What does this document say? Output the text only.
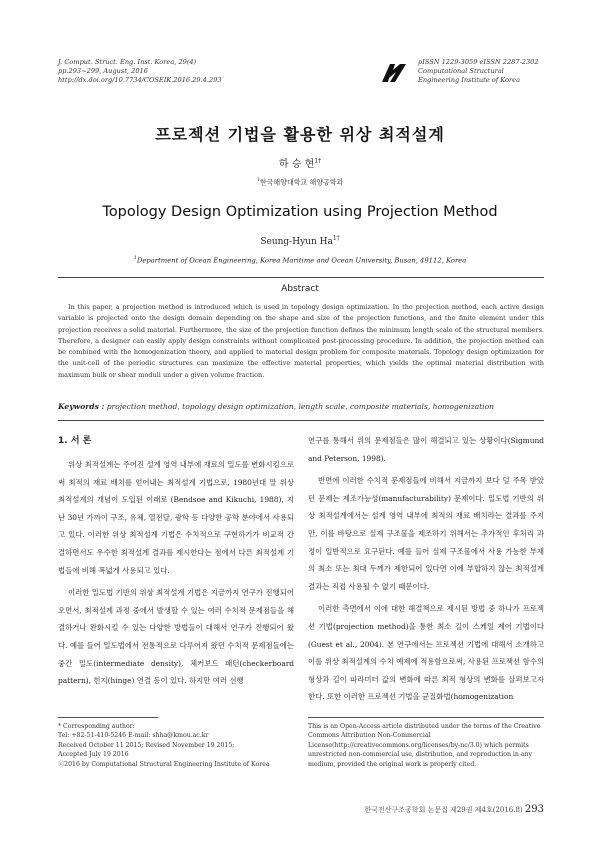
J. Comput. Struct. Eng. Inst. Korea, 29(4)
pp.293~299, August, 2016
http://dx.doi.org/10.7734/COSEIK.2016.29.4.293
pISSN 1229-3059 eISSN 2287-2302
Computational Structural
Engineering Institute of Korea
프로젝션 기법을 활용한 위상 최적설계
하 승 현$^{1\dagger}$
$^1$한국해양대학교 해양공학과
Topology Design Optimization using Projection Method
Seung-Hyun $Ha^{1\dagger}$
$^1$Department of Ocean Engineering, Korea Maritime and Ocean University, Busan, 49112, Korea
Abstract
In this paper, a projection method is introduced which is used in topology design optimization. In the projection method, each active design variable is projected onto the design domain depending on the shape and size of the projection functions, and the finite element under this projection receives a solid material. Furthermore, the size of the projection function defines the minimum length scale of the structural members. Therefore, a designer can easily apply design constraints without complicated post-processing procedure. In addition, the projection method can be combined with the homogenization theory, and applied to material design problem for composite materials. Topology design optimization for the unit-cell of the periodic structures can maximize the effective material properties, which yields the optimal material distribution with maximum bulk or shear moduli under a given volume fraction.
Keywords : projection method, topology design optimization, length scale, composite materials, homogenization
1. 서 론

위상 최적설계는 주어진 설계 영역 내부에 재료의 밀도를 변화시킴으로써 최적의 재료 배치를 얻어내는 최적설계 기법으로, 1980년대 말 위상 최적설계의 개념이 도입된 이래로 (Bendsoe and Kikuchi, 1988), 지난 30년 가까이 구조, 유체, 열전달, 광학 등 다양한 공학 분야에서 사용되고 있다. 이러한 위상 최적설계 기법은 수치적으로 구현하기가 비교적 간결하면서도 우수한 최적설계 결과를 제시한다는 점에서 다른 최적설계 기법들에 비해 폭넓게 사용되고 있다.

이러한 밀도법 기반의 위상 최적설계 기법은 지금까지 연구가 진행되어 오면서, 최적설계 과정 중에서 발생할 수 있는 여러 수치적 문제점들을 해결하거나 완화시킬 수 있는 다양한 방법들이 대해서 연구가 진행되어 왔다. 예를 들어 밀도법에서 전통적으로 다루어져 왔던 수치적 문제점들에는 중간 밀도(intermediate density), 체커보드 패턴(checkerboard pattern), 힌지(hinge) 연결 등이 있다. 하지만 여러 선행

연구를 통해서 위의 문제점들은 많이 해결되고 있는 상황이다(Sigmund and Peterson, 1998).

반면에 이러한 수치적 문제점들에 비해서 지금까지 보다 덜 주목 받았던 문제는 제조가능성(manufacturability) 문제이다. 밀도법 기반의 위상 최적설계에서는 설계 영역 내부에 최적의 재료 배치라는 결과를 주지만, 이를 바탕으로 실제 구조물을 제조하기 위해서는 추가적인 후처리 과정이 일반적으로 요구된다. 예를 들어 실제 구조물에서 사용 가능한 부재의 최소 또는 최대 두께가 제한되어 있다면 이에 부합하지 않는 최적설계 결과는 직접 사용될 수 없기 때문이다.

이러한 측면에서 이에 대한 해결책으로 제시된 방법 중 하나가 프로젝션 기법(projection method)을 통한 최소 길이 스케일 제어 기법이다(Guest et al., 2004). 본 연구에서는 프로젝션 기법에 대해서 소개하고 이를 위상 최적설계의 수치 예제에 적용함으로써, 사용된 프로젝션 함수의 형상과 길이 파라미터 값의 변화에 따른 최적 형상의 변화를 살펴보고자 한다. 또한 이러한 프로젝션 기법을 균질화법(homogenization

* Corresponding author:
Tel: +82-51-410-5246 E-mail: shha@kmou.ac.kr
Received October 11 2015; Revised November 19 2015;
Accepted July 19 2016
ⓒ2016 by Computational Structural Engineering Institute of Korea
This is an Open-Access article distributed under the terms of the Creative Commons Attribution Non-Commercial License(http://creativecommons.org/licenses/by-nc/3.0) which permits unrestricted non-commercial use, distribution, and reproduction in any medium, provided the original work is properly cited.
한국전산구조공학회 논문집 제29권 제4호(2016.8) 293
